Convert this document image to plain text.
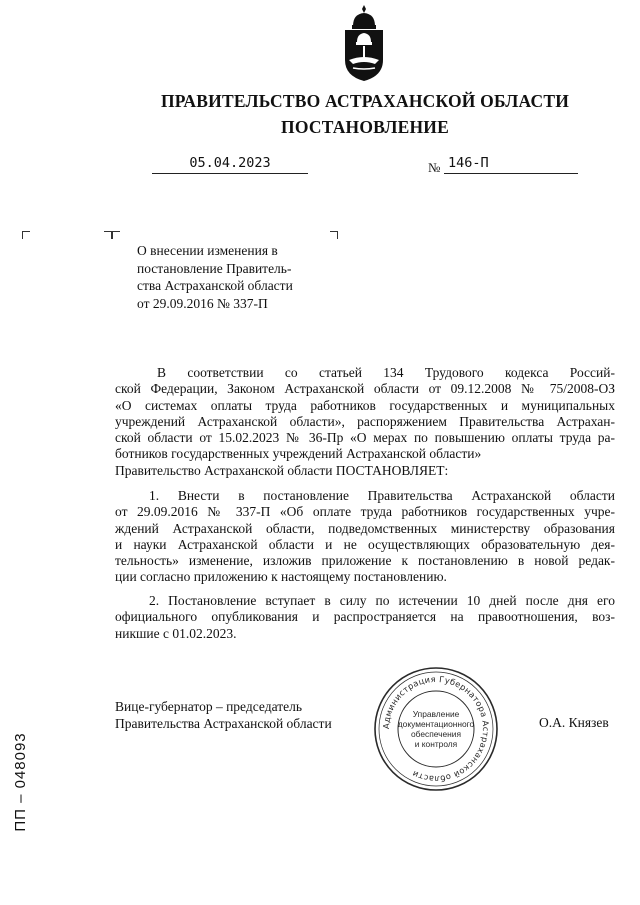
ПРАВИТЕЛЬСТВО АСТРАХАНСКОЙ ОБЛАСТИ
ПОСТАНОВЛЕНИЕ
05.04.2023	№ 146-П
О внесении изменения в
постановление Правитель-
ства Астраханской области
от 29.09.2016 № 337-П
В соответствии со статьей 134 Трудового кодекса Россий-
ской Федерации, Законом Астраханской области от 09.12.2008 № 75/2008-ОЗ
«О системах оплаты труда работников государственных и муниципальных
учреждений Астраханской области», распоряжением Правительства Астрахан-
ской области от 15.02.2023 № 36-Пр «О мерах по повышению оплаты труда ра-
ботников государственных учреждений Астраханской области»
Правительство Астраханской области ПОСТАНОВЛЯЕТ:
1. Внести в постановление Правительства Астраханской области
от 29.09.2016 № 337-П «Об оплате труда работников государственных учре-
ждений Астраханской области, подведомственных министерству образования
и науки Астраханской области и не осуществляющих образовательную дея-
тельность» изменение, изложив приложение к постановлению в новой редак-
ции согласно приложению к настоящему постановлению.
2. Постановление вступает в силу по истечении 10 дней после дня его
официального опубликования и распространяется на правоотношения, воз-
никшие с 01.02.2023.
Вице-губернатор – председатель
Правительства Астраханской области	Администрация Губернатора Астраханской области
Управление
документационного
обеспечения
и контроля
О.А. Князев
ПП – 048093
